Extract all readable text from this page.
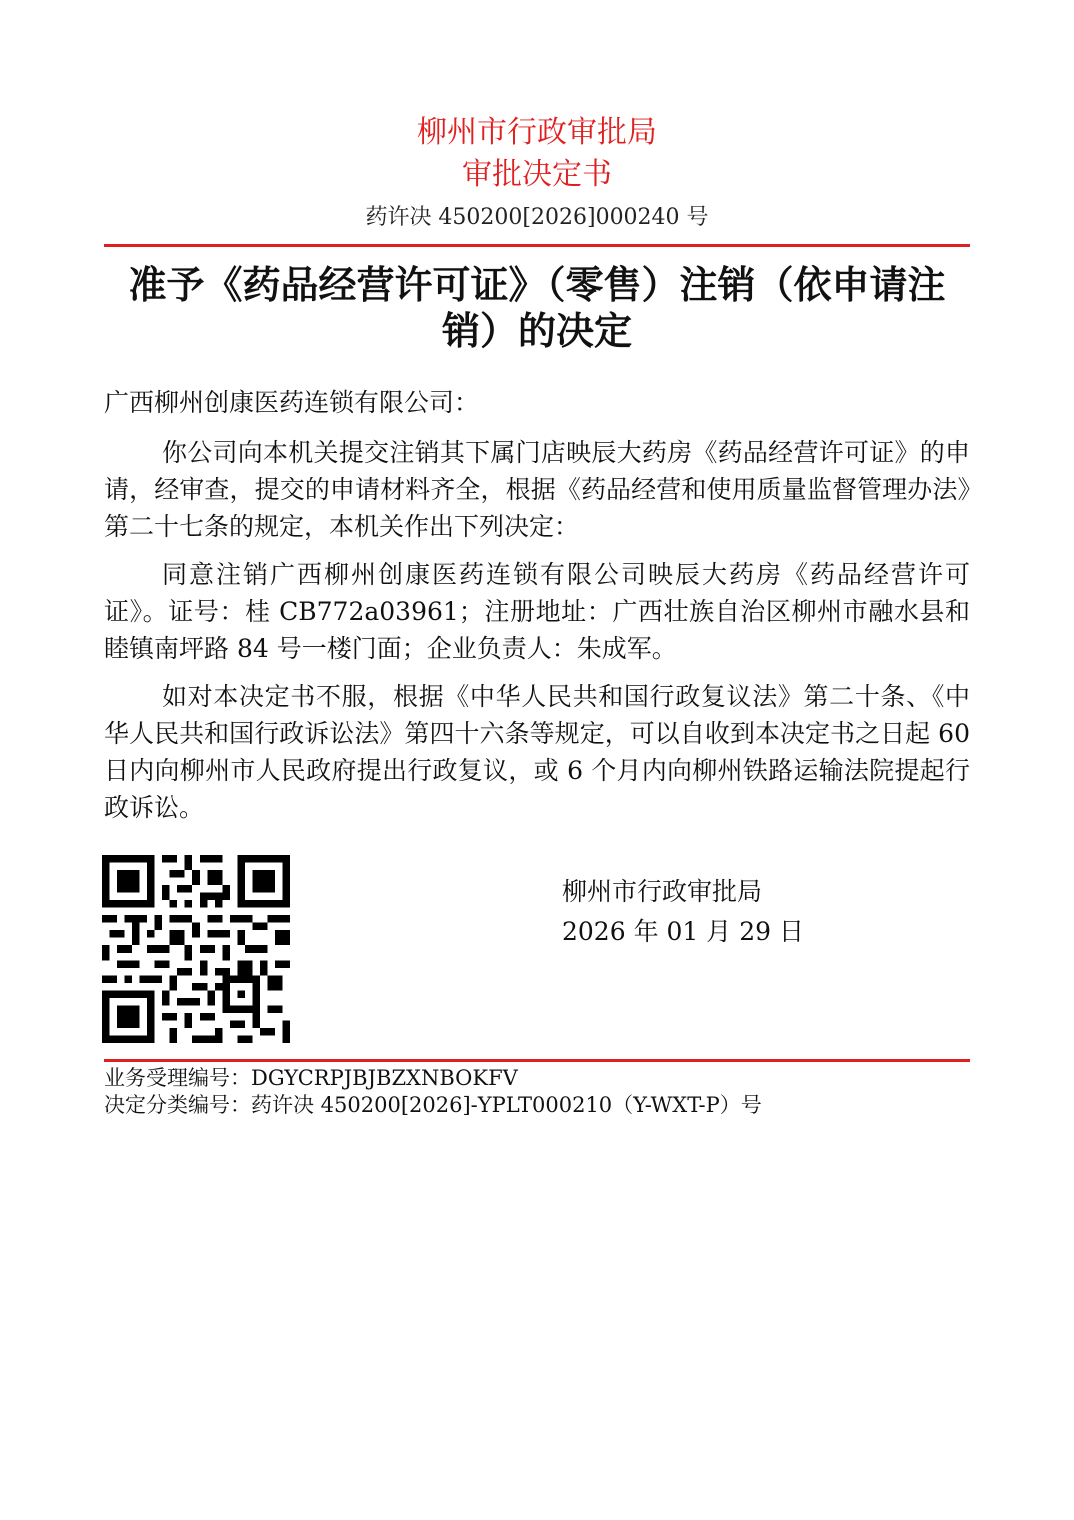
柳州市行政审批局
审批决定书
药许决 450200[2026]000240 号
准予《药品经营许可证》（零售）注销（依申请注销）的决定
广西柳州创康医药连锁有限公司：
你公司向本机关提交注销其下属门店映辰大药房《药品经营许可证》的申请，经审查，提交的申请材料齐全，根据《药品经营和使用质量监督管理办法》第二十七条的规定，本机关作出下列决定：
同意注销广西柳州创康医药连锁有限公司映辰大药房《药品经营许可证》。证号：桂 CB772a03961；注册地址：广西壮族自治区柳州市融水县和睦镇南坪路 84 号一楼门面；企业负责人：朱成军。
如对本决定书不服，根据《中华人民共和国行政复议法》第二十条、《中华人民共和国行政诉讼法》第四十六条等规定，可以自收到本决定书之日起 60 日内向柳州市人民政府提出行政复议，或 6 个月内向柳州铁路运输法院提起行政诉讼。
柳州市行政审批局
2026 年 01 月 29 日
业务受理编号：DGYCRPJBJBZXNBOKFV
决定分类编号：药许决 450200[2026]-YPLT000210（Y-WXT-P）号
